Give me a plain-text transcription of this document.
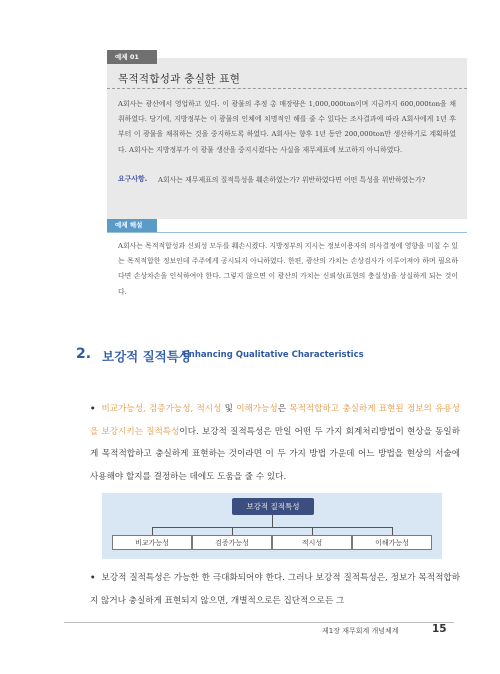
예제 01
목적적합성과 충실한 표현

A회사는 광산에서 영업하고 있다. 이 광물의 추정 총 매장량은 1,000,000ton이며 지금까지 600,000ton을 채취하였다. 당기에, 지방정부는 이 광물의 인체에 치명적인 해를 줄 수 있다는 조사결과에 따라 A회사에게 1년 후부터 이 광물을 채취하는 것을 중지하도록 하였다. A회사는 향후 1년 동안 200,000ton만 생산하기로 계획하였다. A회사는 지방정부가 이 광물 생산을 중지시켰다는 사실을 재무제표에 보고하지 아니하였다.

요구사항. A회사는 재무제표의 질적특성을 훼손하였는가? 위반하였다면 어떤 특성을 위반하였는가?
예제 해설

A회사는 목적적합성과 신뢰성 모두를 훼손시켰다. 지방정부의 지시는 정보이용자의 의사결정에 영향을 미칠 수 있는 목적적합한 정보인데 주주에게 공시되지 아니하였다. 한편, 광산의 가치는 손상검사가 이루어져야 하며 필요하다면 손상차손을 인식하여야 한다. 그렇지 않으면 이 광산의 가치는 신뢰성(표현의 충실성)을 상실하게 되는 것이다.

2. 보강적 질적특성
Enhancing Qualitative Characteristics

• 비교가능성, 검증가능성, 적시성 및 이해가능성은 목적적합하고 충실하게 표현된 정보의 유용성을 보강시키는 질적특성이다. 보강적 질적특성은 만일 어떤 두 가지 회계처리방법이 현상을 동일하게 목적적합하고 충실하게 표현하는 것이라면 이 두 가지 방법 가운데 어느 방법을 현상의 서술에 사용해야 할지를 결정하는 데에도 도움을 줄 수 있다.

보강적 질적특성
비교가능성	검증가능성	적시성	이해가능성

• 보강적 질적특성은 가능한 한 극대화되어야 한다. 그러나 보강적 질적특성은, 정보가 목적적합하지 않거나 충실하게 표현되지 않으면, 개별적으로든 집단적으로든 그

제1장 재무회계 개념체계	15
